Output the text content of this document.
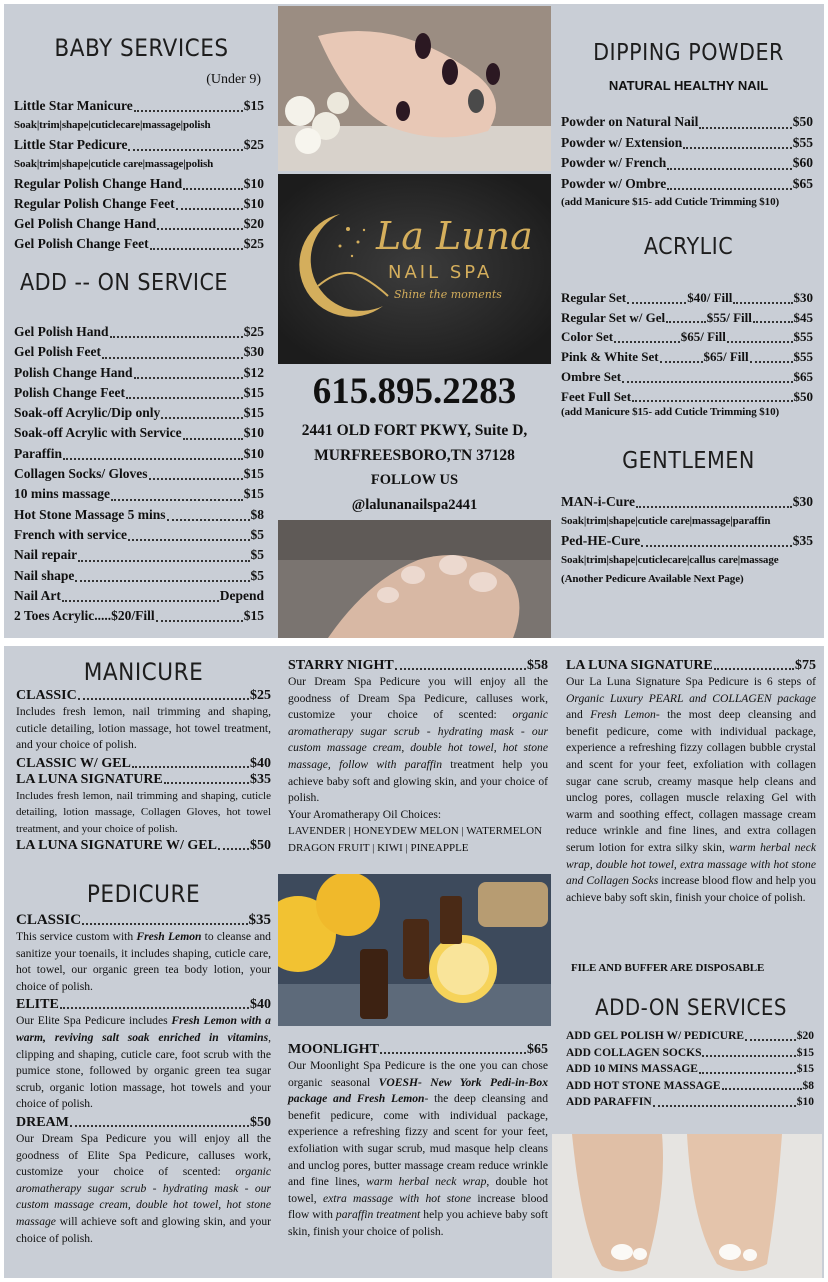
BABY SERVICES
(Under 9)
Little Star Manicure	$15
Soak|trim|shape|cuticlecare|massage|polish
Little Star Pedicure	$25
Soak|trim|shape|cuticle care|massage|polish
Regular Polish Change Hand	$10
Regular Polish Change Feet	$10
Gel Polish Change Hand	$20
Gel Polish Change Feet	$25
ADD -- ON SERVICE
Gel Polish Hand	$25
Gel Polish Feet	$30
Polish Change Hand	$12
Polish Change Feet	$15
Soak-off Acrylic/Dip only	$15
Soak-off Acrylic with Service	$10
Paraffin	$10
Collagen Socks/ Gloves	$15
10 mins massage	$15
Hot Stone Massage 5 mins	$8
French with service	$5
Nail repair	$5
Nail shape	$5
Nail Art	Depend
2 Toes Acrylic.....$20/Fill	$15
La Luna
NAIL SPA
Shine the moments
615.895.2283
2441 OLD FORT PKWY, Suite D,
MURFREESBORO,TN 37128
FOLLOW US
@lalunanailspa2441
DIPPING POWDER
NATURAL HEALTHY NAIL
Powder on Natural Nail	$50
Powder w/ Extension	$55
Powder w/ French	$60
Powder w/ Ombre	$65
(add Manicure $15- add Cuticle Trimming $10)
ACRYLIC
Regular Set	$40/ Fill	$30
Regular Set w/ Gel	$55/ Fill	$45
Color Set	$65/ Fill	$55
Pink & White Set	$65/ Fill	$55
Ombre Set	$65
Feet Full Set	$50
(add Manicure $15- add Cuticle Trimming $10)
GENTLEMEN
MAN-i-Cure	$30
Soak|trim|shape|cuticle care|massage|paraffin
Ped-HE-Cure	$35
Soak|trim|shape|cuticlecare|callus care|massage
(Another Pedicure Available Next Page)
MANICURE
CLASSIC	$25
Includes fresh lemon, nail trimming and shaping, cuticle detailing, lotion massage, hot towel treatment, and your choice of polish.
CLASSIC W/ GEL	$40
LA LUNA SIGNATURE	$35
Includes fresh lemon, nail trimming and shaping, cuticle detailing, lotion massage, Collagen Gloves, hot towel treatment, and your choice of polish.
LA LUNA SIGNATURE W/ GEL $50
PEDICURE
CLASSIC	$35
This service custom with Fresh Lemon to cleanse and sanitize your toenails, it includes shaping, cuticle care, hot towel, our organic green tea body lotion, your choice of polish.
ELITE	$40
Our Elite Spa Pedicure includes Fresh Lemon with a warm, reviving salt soak enriched in vitamins, clipping and shaping, cuticle care, foot scrub with the pumice stone, followed by organic green tea sugar scrub, organic lotion massage, hot towels and your choice of polish.
DREAM	$50
Our Dream Spa Pedicure you will enjoy all the goodness of Elite Spa Pedicure, calluses work, customize your choice of scented: organic aromatherapy sugar scrub - hydrating mask - our custom massage cream, double hot towel, hot stone massage will achieve soft and glowing skin, and your choice of polish.
STARRY NIGHT	$58
Our Dream Spa Pedicure you will enjoy all the goodness of Dream Spa Pedicure, calluses work, customize your choice of scented: organic aromatherapy sugar scrub - hydrating mask - our custom massage cream, double hot towel, hot stone massage, follow with paraffin treatment help you achieve baby soft and glowing skin, and your choice of polish.
Your Aromatherapy Oil Choices:
LAVENDER | HONEYDEW MELON | WATERMELON
DRAGON FRUIT | KIWI | PINEAPPLE
MOONLIGHT	$65
Our Moonlight Spa Pedicure is the one you can chose organic seasonal VOESH- New York Pedi-in-Box package and Fresh Lemon- the deep cleansing and benefit pedicure, come with individual package, experience a refreshing fizzy and scent for your feet, exfoliation with sugar scrub, mud masque help cleans and unclog pores, butter massage cream reduce wrinkle and fine lines, warm herbal neck wrap, double hot towel, extra massage with hot stone increase blood flow with paraffin treatment help you achieve baby soft skin, finish your choice of polish.
LA LUNA SIGNATURE	$75
Our La Luna Signature Spa Pedicure is 6 steps of Organic Luxury PEARL and COLLAGEN package and Fresh Lemon- the most deep cleansing and benefit pedicure, come with individual package, experience a refreshing fizzy collagen bubble crystal and scent for your feet, exfoliation with collagen sugar cane scrub, creamy masque help cleans and unclog pores, collagen muscle relaxing Gel with warm and soothing effect, collagen massage cream reduce wrinkle and fine lines, and extra collagen serum lotion for extra silky skin, warm herbal neck wrap, double hot towel, extra massage with hot stone and Collagen Socks increase blood flow and help you achieve baby soft skin, finish your choice of polish.
FILE AND BUFFER ARE DISPOSABLE
ADD-ON SERVICES
ADD GEL POLISH W/ PEDICURE	$20
ADD COLLAGEN SOCKS	$15
ADD 10 MINS MASSAGE	$15
ADD HOT STONE MASSAGE	$8
ADD PARAFFIN	$10
